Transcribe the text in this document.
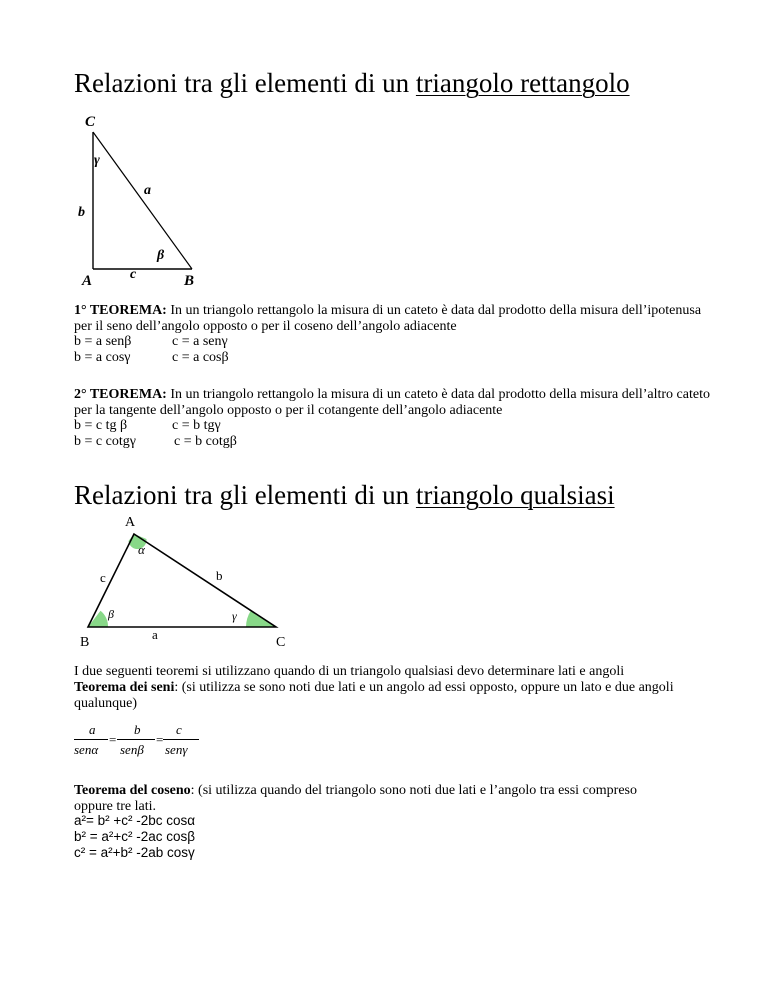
Relazioni tra gli elementi di un triangolo rettangolo
C
γ
a
b
β
A	c	B

1° TEOREMA: In un triangolo rettangolo la misura di un cateto è data dal prodotto della misura dell’ipotenusa per il seno dell’angolo opposto o per il coseno dell’angolo adiacente

b = a senβ	c = a senγ
b = a cosγ	c = a cosβ

2° TEOREMA: In un triangolo rettangolo la misura di un cateto è data dal prodotto della misura dell’altro cateto per la tangente dell’angolo opposto o per il cotangente dell’angolo adiacente

b = c tg β	c = b tgγ
b = c cotgγ	c = b cotgβ
Relazioni tra gli elementi di un triangolo qualsiasi
A
α
c	b
β	γ
B
a
C

I due seguenti teoremi si utilizzano quando di un triangolo qualsiasi devo determinare lati e angoli

Teorema dei seni: (si utilizza se sono noti due lati e un angolo ad essi opposto, oppure un lato e due angoli qualunque)

a	b	c
=	=
senα senβ senγ

Teorema del coseno: (si utilizza quando del triangolo sono noti due lati e l’angolo tra essi compreso oppure tre lati.

a²= b² +c² -2bc cosα
b² = a²+c² -2ac cosβ
c² = a²+b² -2ab cosγ
